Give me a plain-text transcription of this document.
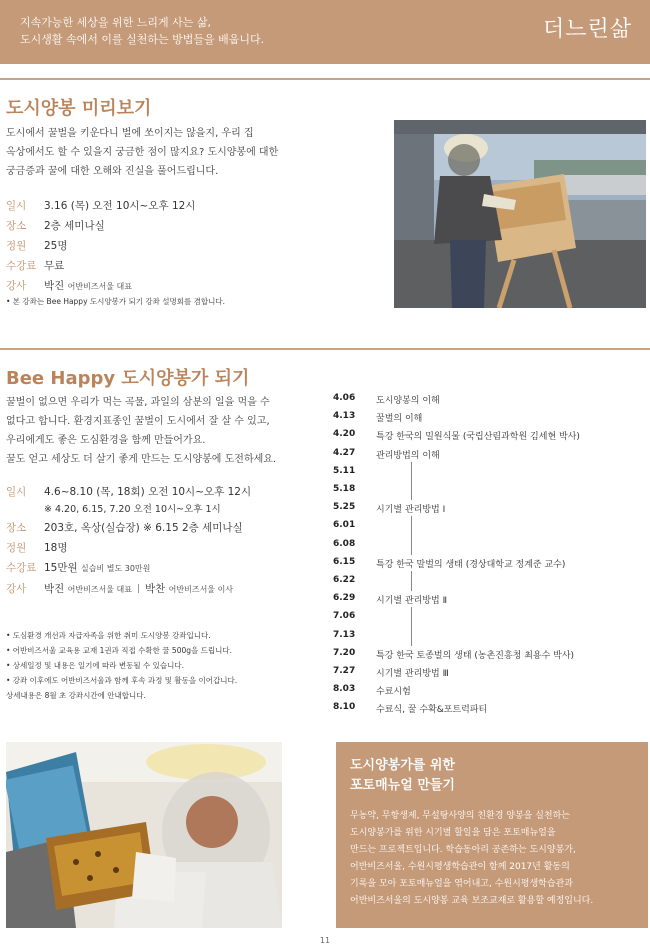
지속가능한 세상을 위한 느리게 사는 삶,
도시생활 속에서 이를 실천하는 방법들을 배웁니다.	더느린삶
도시양봉 미리보기
도시에서 꿀벌을 키운다니 벌에 쏘이지는 않을지, 우리 집
옥상에서도 할 수 있을지 궁금한 점이 많지요? 도시양봉에 대한
궁금증과 꿀에 대한 오해와 진실을 풀어드립니다.
일시	3.16 (목) 오전 10시~오후 12시
장소	2층 세미나실
정원	25명
수강료 무료
강사	박진 어반비즈서울 대표
• 본 강좌는 Bee Happy 도시양봉가 되기 강좌 설명회를 겸합니다.
Bee Happy 도시양봉가 되기
꿀벌이 없으면 우리가 먹는 곡물, 과일의 삼분의 일을 먹을 수
없다고 합니다. 환경지표종인 꿀벌이 도시에서 잘 살 수 있고,
우리에게도 좋은 도심환경을 함께 만들어가요.
꿀도 얻고 세상도 더 살기 좋게 만드는 도시양봉에 도전하세요.
일시	4.6~8.10 (목, 18회) 오전 10시~오후 12시
※ 4.20, 6.15, 7.20 오전 10시~오후 1시
장소	203호, 옥상(실습장) ※ 6.15 2층 세미나실
정원	18명
수강료 15만원 실습비 별도 30만원
강사	박진 어반비즈서울 대표 박찬 어반비즈서울 이사
• 도심환경 개선과 자급자족을 위한 취미 도시양봉 강좌입니다.
• 어반비즈서울 교육용 교재 1권과 직접 수확한 꿀 500g을 드립니다.
• 상세일정 및 내용은 일기에 따라 변동될 수 있습니다.
• 강좌 이후에도 어반비즈서울과 함께 후속 과정 및 활동을 이어갑니다.
상세내용은 8월 초 강좌시간에 안내합니다.
4.06	도시양봉의 이해
4.13	꿀벌의 이해
4.20	특강 한국의 밀원식물 (국립산림과학원 김세현 박사)
4.27	관리방법의 이해
5.11
5.18
5.25	시기별 관리방법 Ⅰ
6.01
6.08
6.15	특강 한국 말벌의 생태 (경상대학교 정계준 교수)
6.22
6.29	시기별 관리방법 Ⅱ
7.06
7.13
7.20	특강 한국 토종벌의 생태 (농촌진흥청 최용수 박사)
7.27	시기별 관리방법 Ⅲ
8.03	수료시험
8.10	수료식, 꿀 수확&포트럭파티
도시양봉가를 위한
포토매뉴얼 만들기
무농약, 무항생제, 무설탕사양의 친환경 양봉을 실천하는
도시양봉가를 위한 시기별 할일을 담은 포토매뉴얼을
만드는 프로젝트입니다. 학습동아리 공존하는 도시양봉가,
어반비즈서울, 수원시평생학습관이 함께 2017년 활동의
기록을 모아 포토매뉴얼을 엮어내고, 수원시평생학습관과
어반비즈서울의 도시양봉 교육 보조교재로 활용할 예정입니다.
11
